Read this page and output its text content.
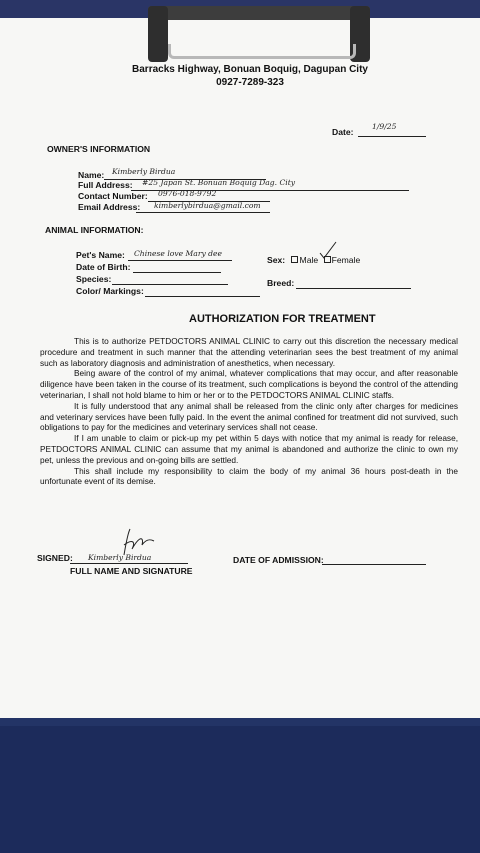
Barracks Highway, Bonuan Boquig, Dagupan City
0927-7289-323
Date:
1/9/25
OWNER'S INFORMATION
Name: Kimberly Birdua
Full Address: #25 Japan St. Bonuan Boquig Dag. City
Contact Number: 0976-018-9792
Email Address: kimberlybirdua@gmail.com
ANIMAL INFORMATION:
Pet's Name: Chinese love Mary dee
Date of Birth:
Species:
Color/ Markings:
Sex: Male Female
Breed:
AUTHORIZATION FOR TREATMENT

This is to authorize PETDOCTORS ANIMAL CLINIC to carry out this discretion the necessary medical procedure and treatment in such manner that the attending veterinarian sees the best treatment of my animal such as laboratory diagnosis and administration of anesthetics, when necessary.

Being aware of the control of my animal, whatever complications that may occur, and after reasonable diligence have been taken in the course of its treatment, such complications is beyond the control of the attending veterinarian, I shall not hold blame to him or her or to the PETDOCTORS ANIMAL CLINIC staffs.

It is fully understood that any animal shall be released from the clinic only after charges for medicines and veterinary services have been fully paid. In the event the animal confined for treatment did not survived, such obligations to pay for the medicines and veterinary services shall not cease.

If I am unable to claim or pick-up my pet within 5 days with notice that my animal is ready for release, PETDOCTORS ANIMAL CLINIC can assume that my animal is abandoned and authorize the clinic to own my pet, unless the previous and on-going bills are settled.

This shall include my responsibility to claim the body of my animal 36 hours post-death in the unfortunate event of its demise.

SIGNED: Kimberly Birdua
FULL NAME AND SIGNATURE
DATE OF ADMISSION:
